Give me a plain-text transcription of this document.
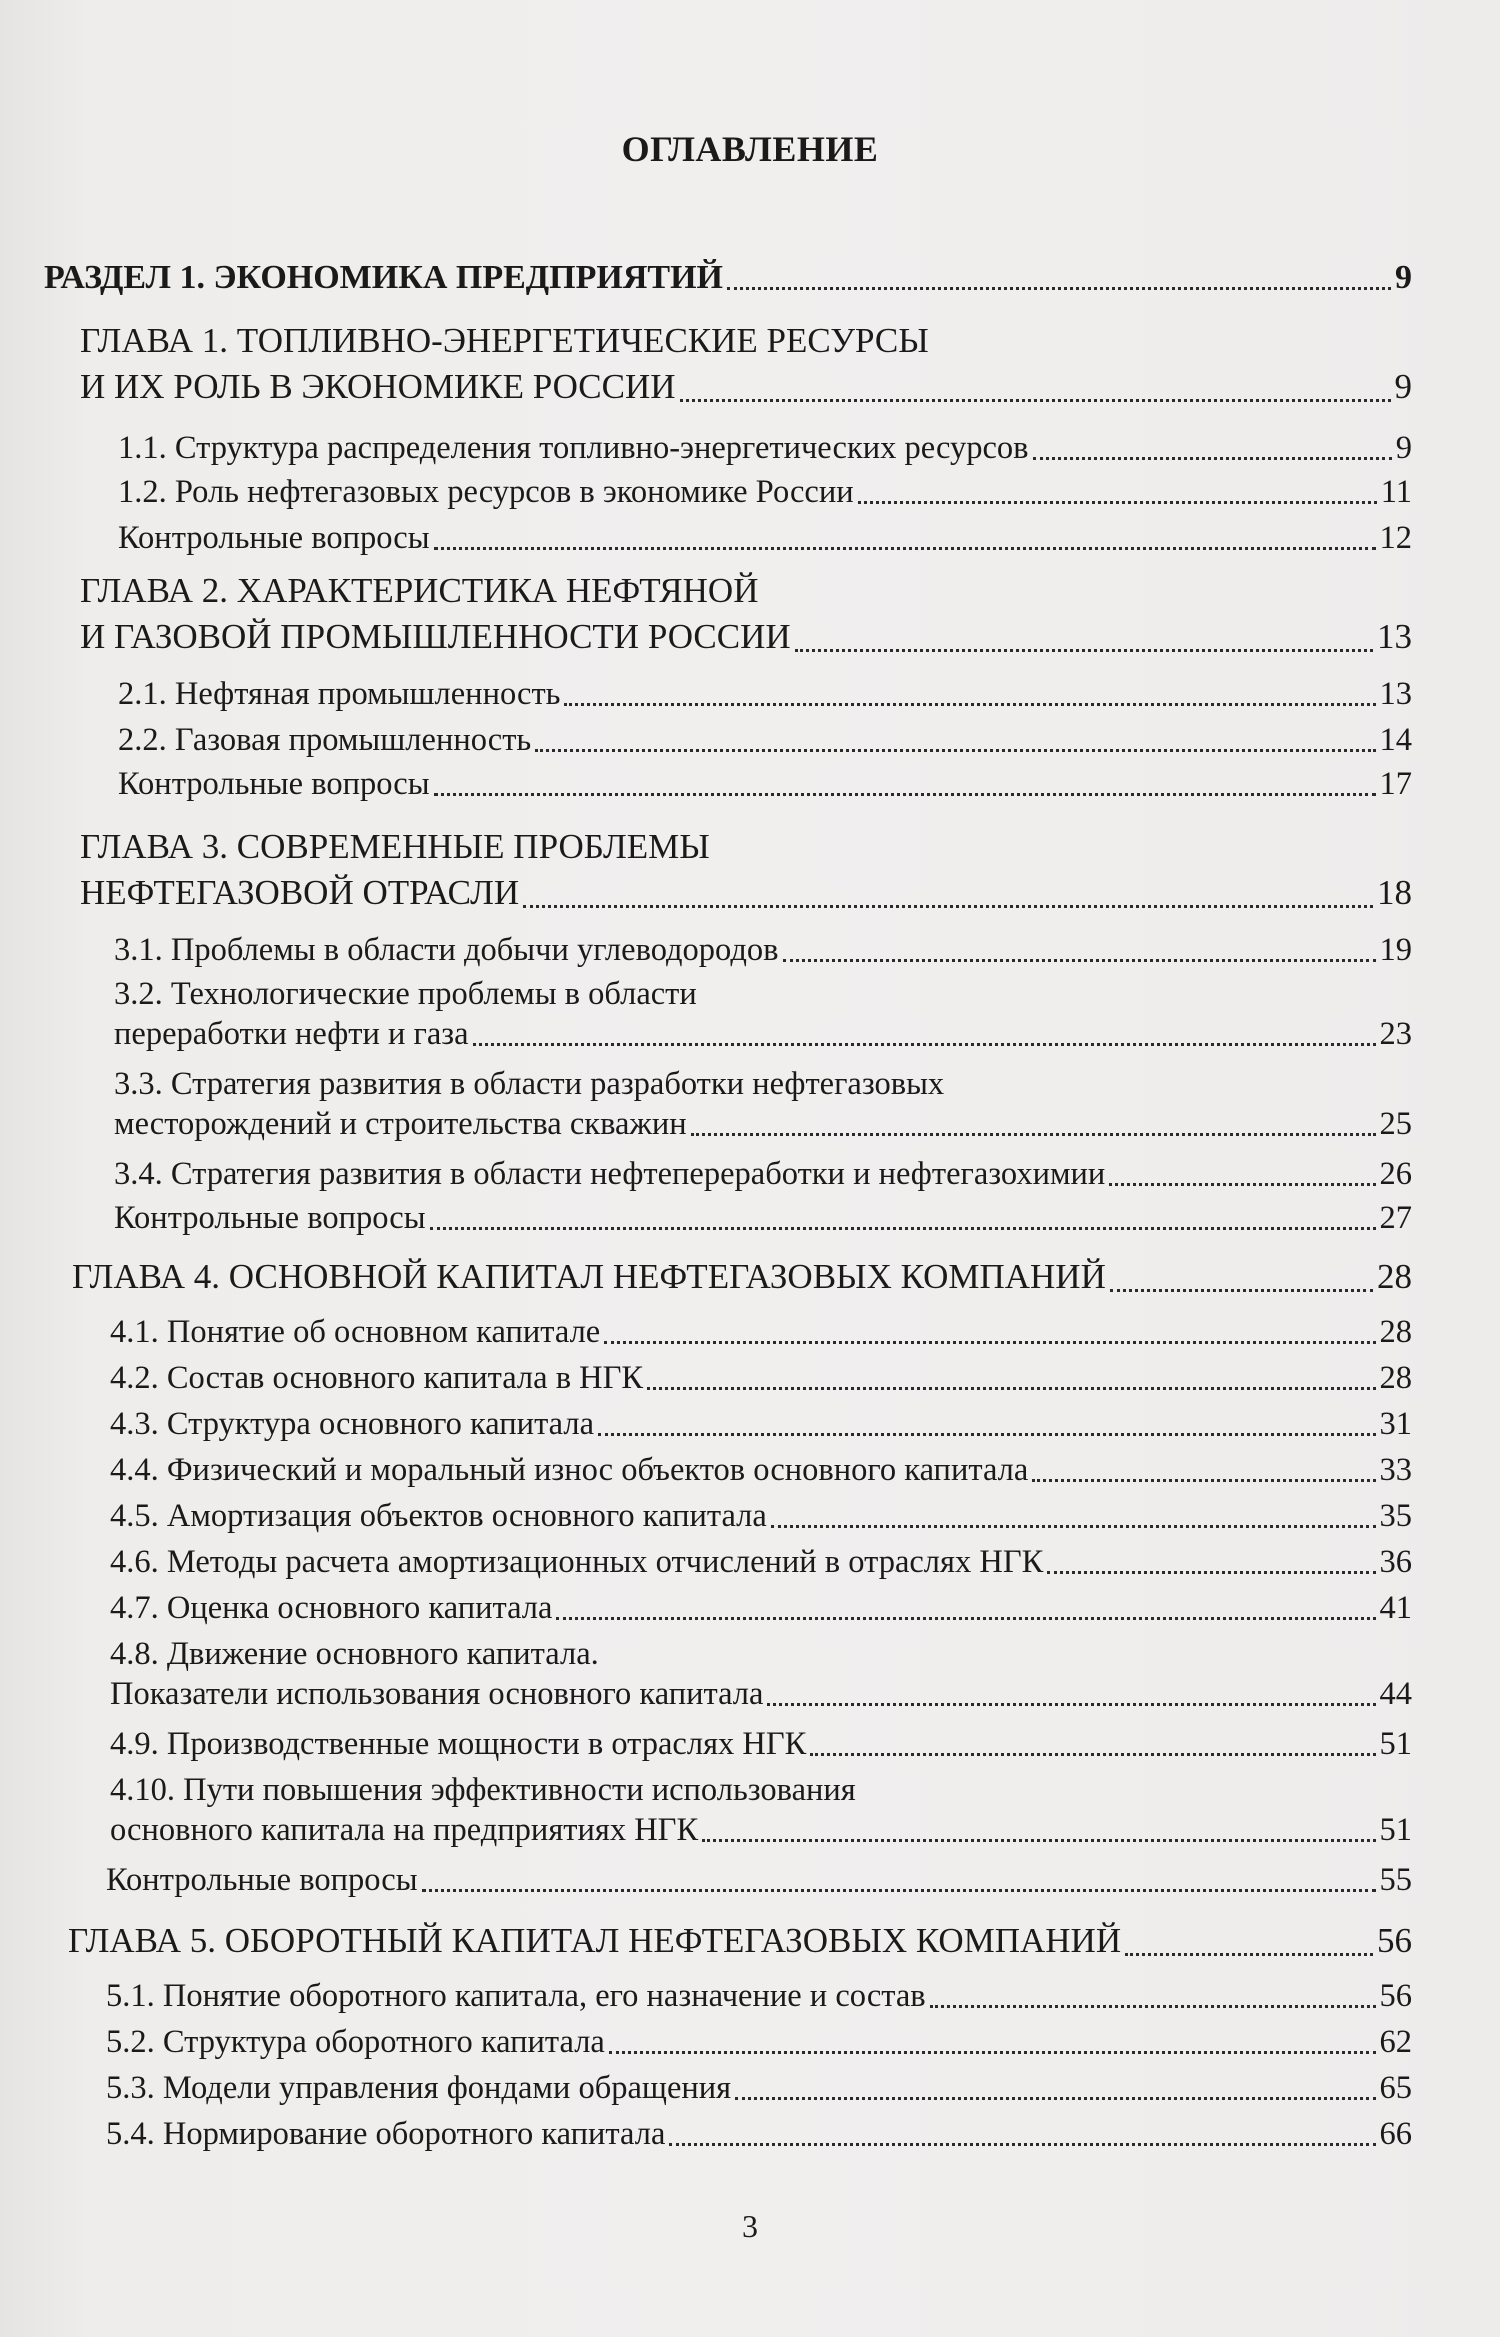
ОГЛАВЛЕНИЕ
РАЗДЕЛ 1. ЭКОНОМИКА ПРЕДПРИЯТИЙ	9
ГЛАВА 1. ТОПЛИВНО-ЭНЕРГЕТИЧЕСКИЕ РЕСУРСЫ
И ИХ РОЛЬ В ЭКОНОМИКЕ РОССИИ	9
1.1. Структура распределения топливно-энергетических ресурсов	9
1.2. Роль нефтегазовых ресурсов в экономике России	11
Контрольные вопросы	12
ГЛАВА 2. ХАРАКТЕРИСТИКА НЕФТЯНОЙ
И ГАЗОВОЙ ПРОМЫШЛЕННОСТИ РОССИИ	13
2.1. Нефтяная промышленность	13
2.2. Газовая промышленность	14
Контрольные вопросы	17
ГЛАВА 3. СОВРЕМЕННЫЕ ПРОБЛЕМЫ
НЕФТЕГАЗОВОЙ ОТРАСЛИ	18
3.1. Проблемы в области добычи углеводородов	19
3.2. Технологические проблемы в области
переработки нефти и газа	23
3.3. Стратегия развития в области разработки нефтегазовых
месторождений и строительства скважин	25
3.4. Стратегия развития в области нефтепереработки и нефтегазохимии	26
Контрольные вопросы	27
ГЛАВА 4. ОСНОВНОЙ КАПИТАЛ НЕФТЕГАЗОВЫХ КОМПАНИЙ	28
4.1. Понятие об основном капитале	28
4.2. Состав основного капитала в НГК	28
4.3. Структура основного капитала	31
4.4. Физический и моральный износ объектов основного капитала	33
4.5. Амортизация объектов основного капитала	35
4.6. Методы расчета амортизационных отчислений в отраслях НГК	36
4.7. Оценка основного капитала	41
4.8. Движение основного капитала.
Показатели использования основного капитала	44
4.9. Производственные мощности в отраслях НГК	51
4.10. Пути повышения эффективности использования
основного капитала на предприятиях НГК	51
Контрольные вопросы	55
ГЛАВА 5. ОБОРОТНЫЙ КАПИТАЛ НЕФТЕГАЗОВЫХ КОМПАНИЙ	56
5.1. Понятие оборотного капитала, его назначение и состав	56
5.2. Структура оборотного капитала	62
5.3. Модели управления фондами обращения	65
5.4. Нормирование оборотного капитала	66
3
